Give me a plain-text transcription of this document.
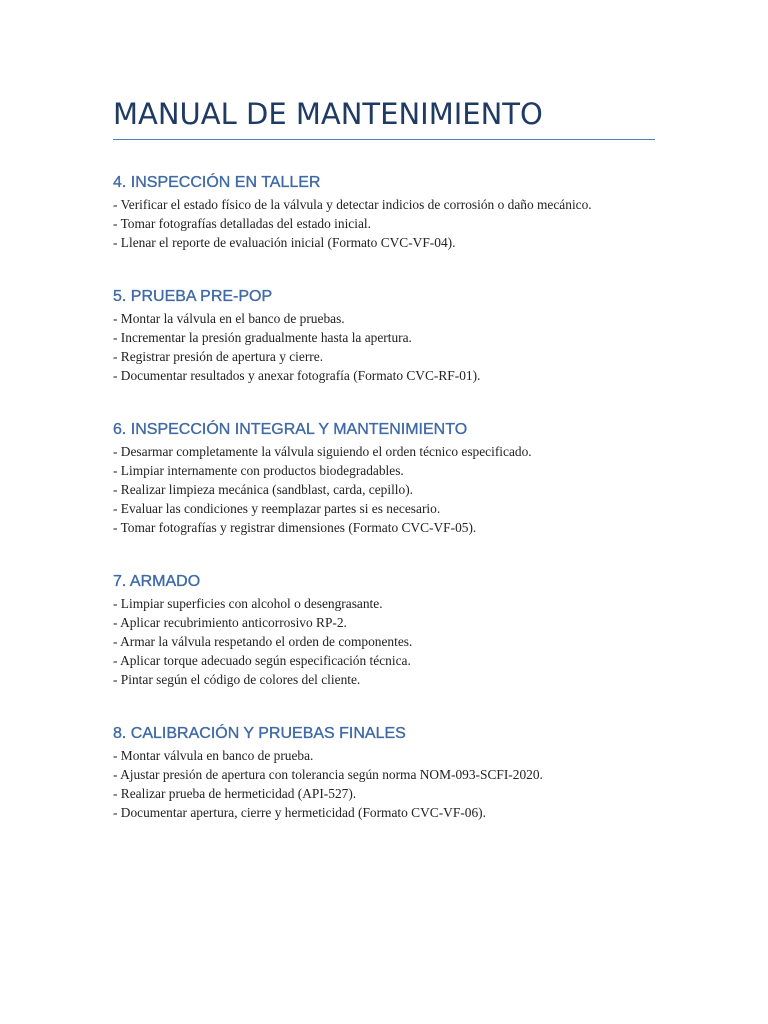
MANUAL DE MANTENIMIENTO
4. INSPECCIÓN EN TALLER
- Verificar el estado físico de la válvula y detectar indicios de corrosión o daño mecánico.
- Tomar fotografías detalladas del estado inicial.
- Llenar el reporte de evaluación inicial (Formato CVC-VF-04).
5. PRUEBA PRE-POP
- Montar la válvula en el banco de pruebas.
- Incrementar la presión gradualmente hasta la apertura.
- Registrar presión de apertura y cierre.
- Documentar resultados y anexar fotografía (Formato CVC-RF-01).
6. INSPECCIÓN INTEGRAL Y MANTENIMIENTO
- Desarmar completamente la válvula siguiendo el orden técnico especificado.
- Limpiar internamente con productos biodegradables.
- Realizar limpieza mecánica (sandblast, carda, cepillo).
- Evaluar las condiciones y reemplazar partes si es necesario.
- Tomar fotografías y registrar dimensiones (Formato CVC-VF-05).
7. ARMADO
- Limpiar superficies con alcohol o desengrasante.
- Aplicar recubrimiento anticorrosivo RP-2.
- Armar la válvula respetando el orden de componentes.
- Aplicar torque adecuado según especificación técnica.
- Pintar según el código de colores del cliente.
8. CALIBRACIÓN Y PRUEBAS FINALES
- Montar válvula en banco de prueba.
- Ajustar presión de apertura con tolerancia según norma NOM-093-SCFI-2020.
- Realizar prueba de hermeticidad (API-527).
- Documentar apertura, cierre y hermeticidad (Formato CVC-VF-06).
